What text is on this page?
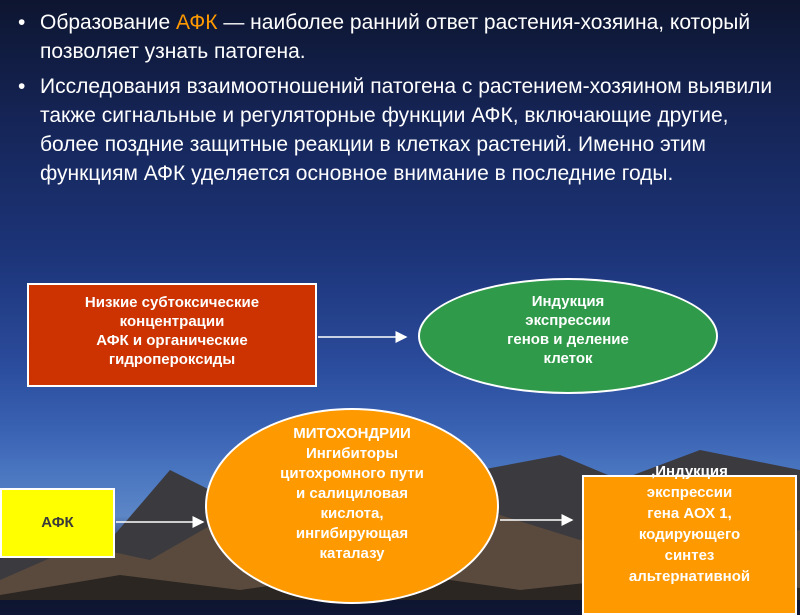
• Образование АФК — наиболее ранний ответ растения-хозяина, который позволяет узнать патогена.
• Исследования взаимоотношений патогена с растением-хозяином выявили также сигнальные и регуляторные функции АФК, включающие другие, более поздние защитные реакции в клетках растений. Именно этим функциям АФК уделяется основное внимание в последние годы.
Низкие субтоксические
концентрации
АФК и органические
гидропероксиды
Индукция
экспрессии
генов и деление
клеток
МИТОХОНДРИИ
Ингибиторы
цитохромного пути
и салициловая
кислота,
ингибирующая
каталазу
АФК
,Индукция
экспрессии
гена АОХ 1,
кодирующего
синтез
альтернативной
